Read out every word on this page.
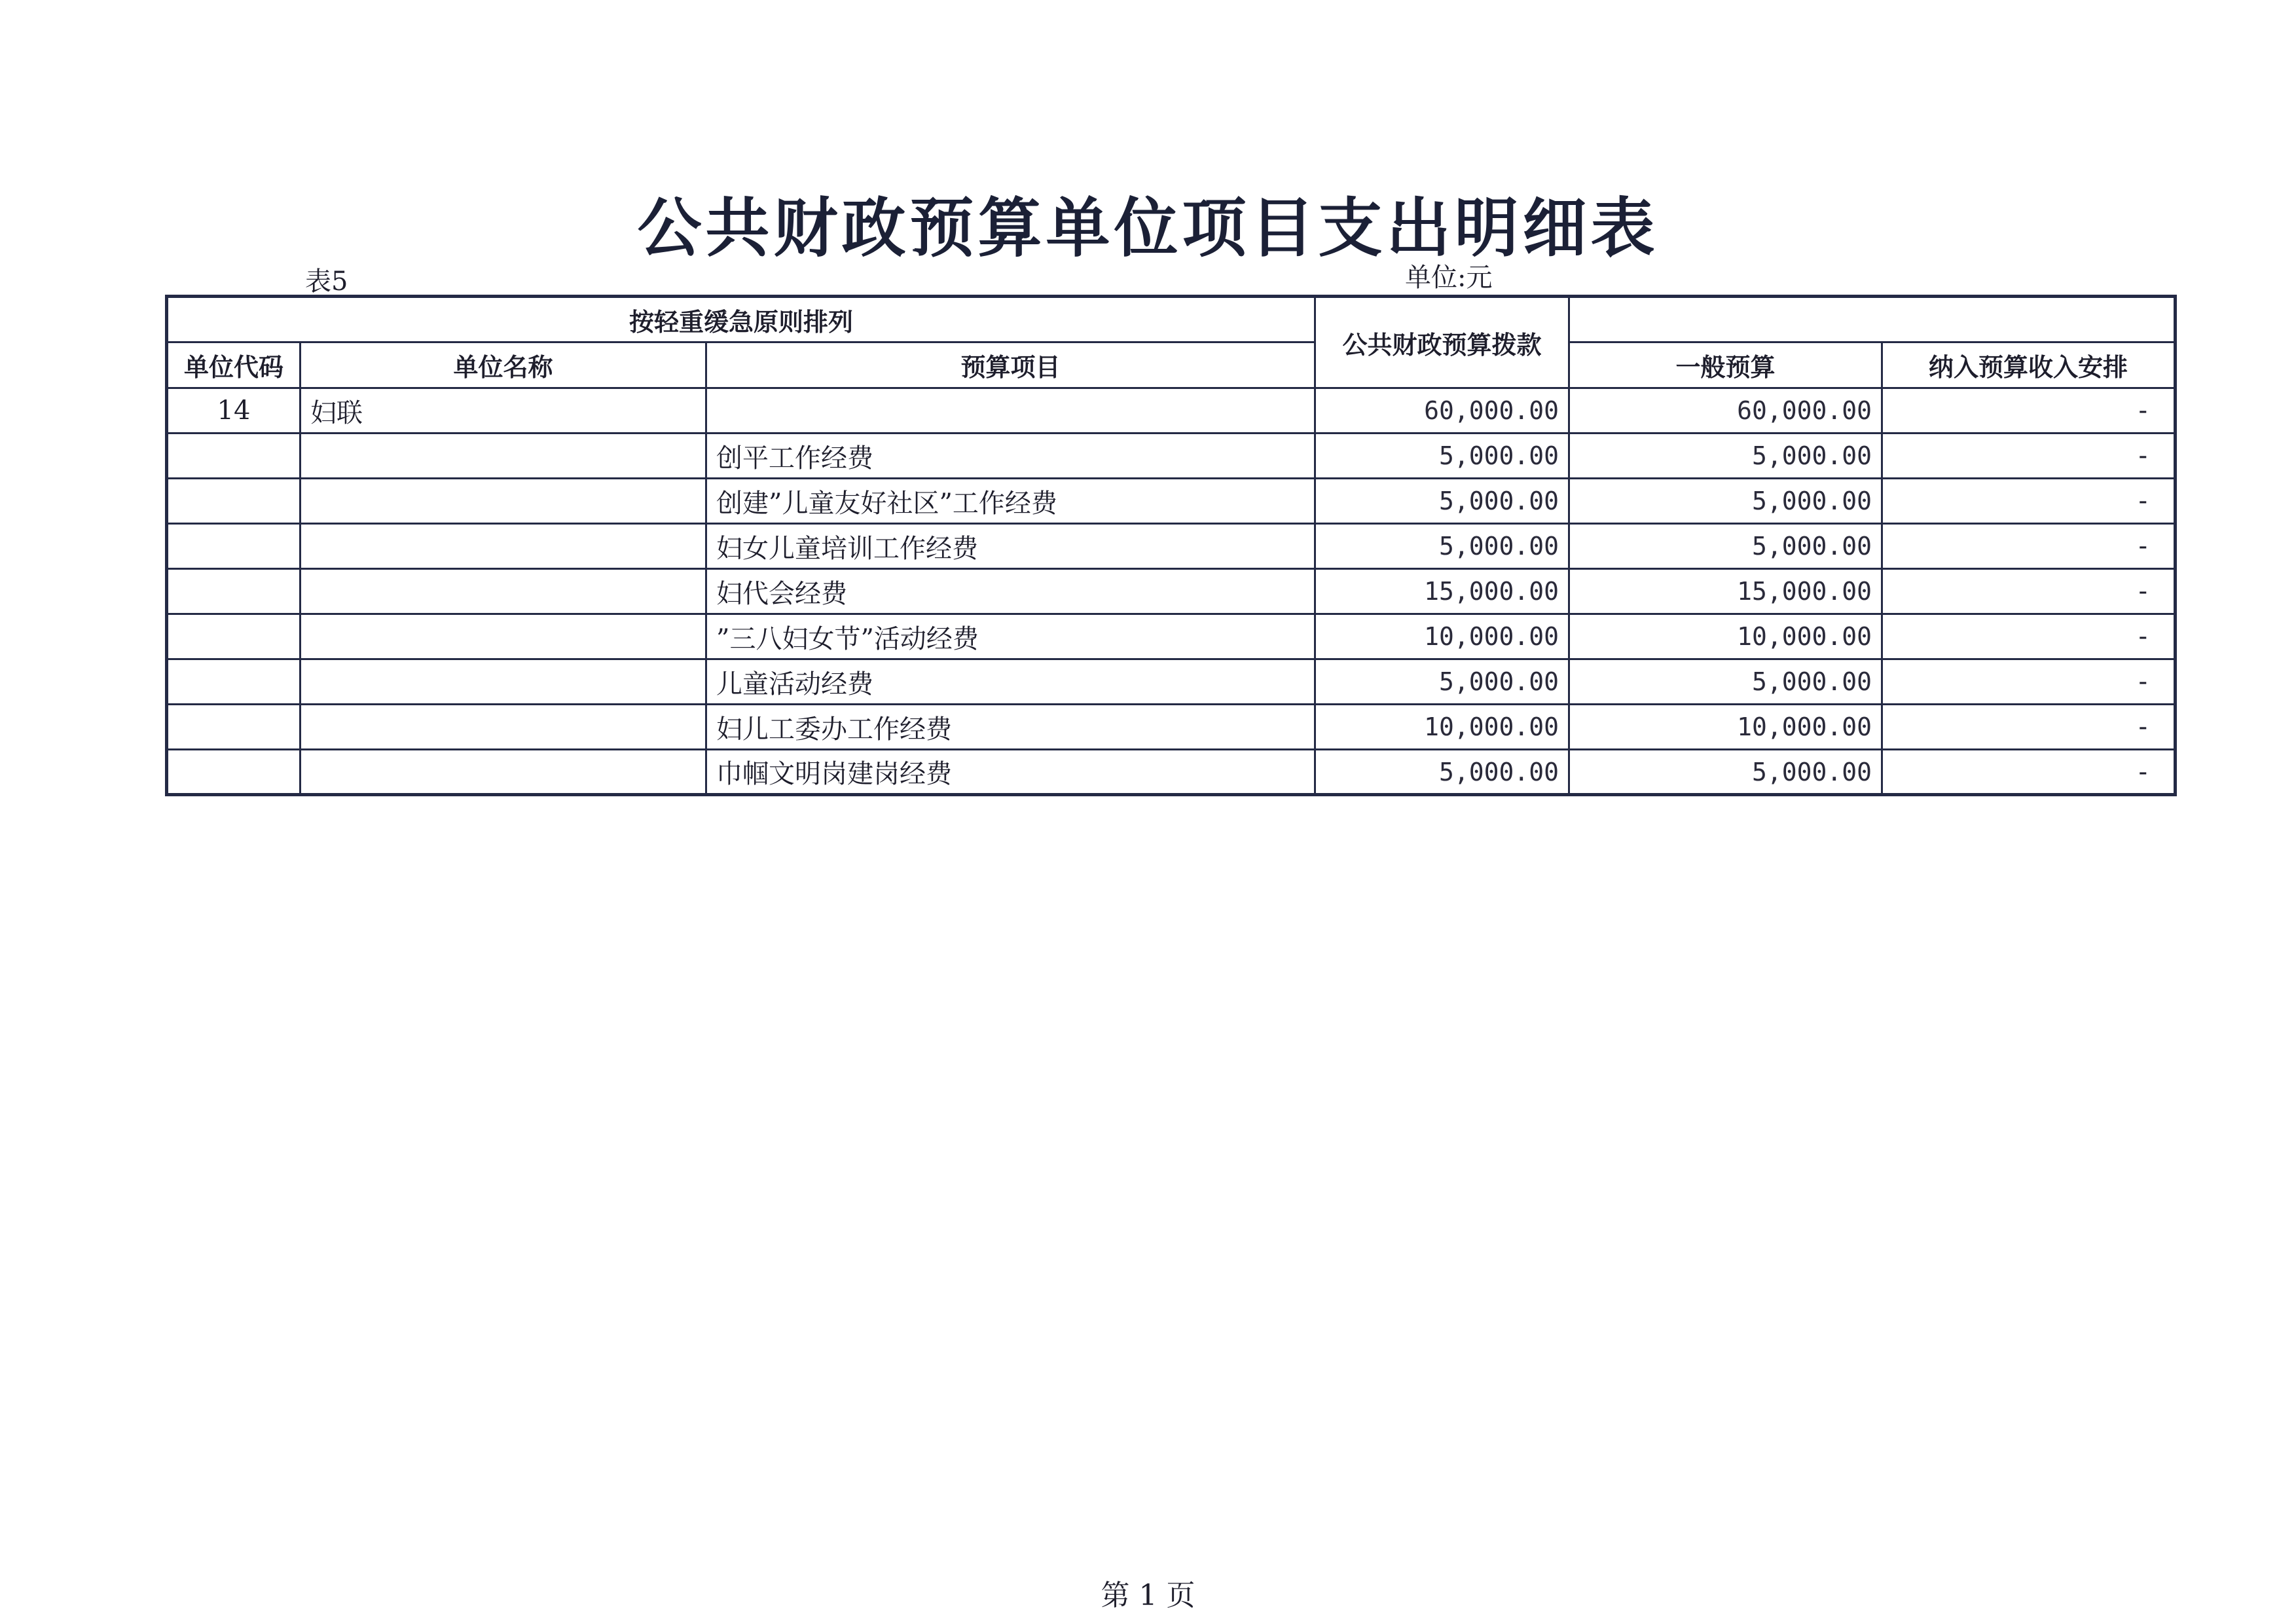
公共财政预算单位项目支出明细表
表5	单位:元
按轻重缓急原则排列			公共财政预算拨款		
单位代码	单位名称	预算项目		一般预算	纳入预算收入安排
14	妇联		60,000.00	60,000.00	-
		创平工作经费	5,000.00	5,000.00	-
		创建”儿童友好社区”工作经费	5,000.00	5,000.00	-
		妇女儿童培训工作经费	5,000.00	5,000.00	-
		妇代会经费	15,000.00	15,000.00	-
		”三八妇女节”活动经费	10,000.00	10,000.00	-
		儿童活动经费	5,000.00	5,000.00	-
		妇儿工委办工作经费	10,000.00	10,000.00	-
		巾帼文明岗建岗经费	5,000.00	5,000.00	-
第 1 页
